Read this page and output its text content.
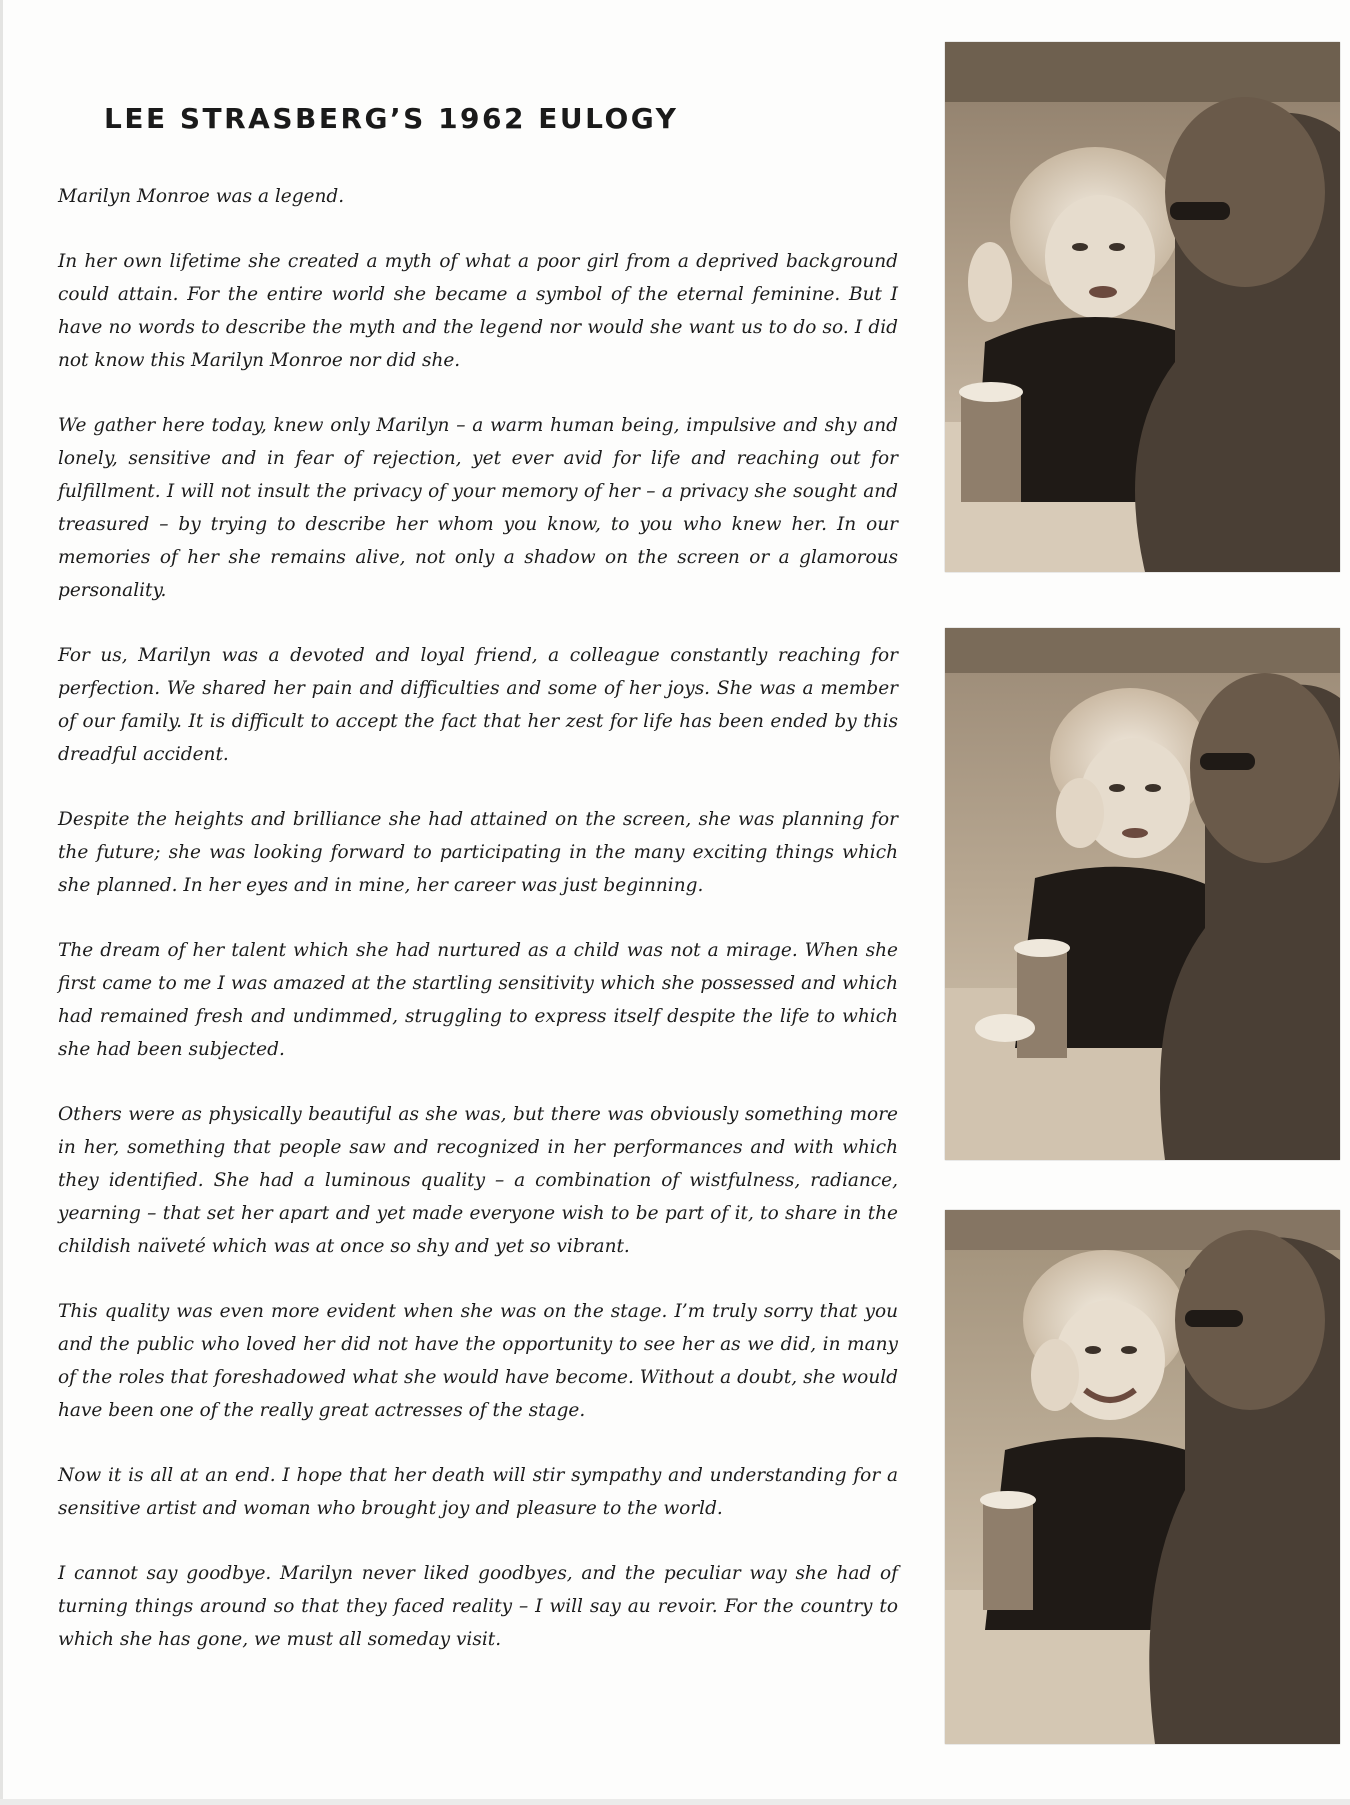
LEE STRASBERG’S 1962 EULOGY

Marilyn Monroe was a legend.

In her own lifetime she created a myth of what a poor girl from a deprived background could attain. For the entire world she became a symbol of the eternal feminine. But I have no words to describe the myth and the legend nor would she want us to do so. I did not know this Marilyn Monroe nor did she.

We gather here today, knew only Marilyn – a warm human being, impulsive and shy and lonely, sensitive and in fear of rejection, yet ever avid for life and reaching out for fulfillment. I will not insult the privacy of your memory of her – a privacy she sought and treasured – by trying to describe her whom you know, to you who knew her. In our memories of her she remains alive, not only a shadow on the screen or a glamorous personality.

For us, Marilyn was a devoted and loyal friend, a colleague constantly reaching for perfection. We shared her pain and difficulties and some of her joys. She was a member of our family. It is difficult to accept the fact that her zest for life has been ended by this dreadful accident.

Despite the heights and brilliance she had attained on the screen, she was planning for the future; she was looking forward to participating in the many exciting things which she planned. In her eyes and in mine, her career was just beginning.

The dream of her talent which she had nurtured as a child was not a mirage. When she first came to me I was amazed at the startling sensitivity which she possessed and which had remained fresh and undimmed, struggling to express itself despite the life to which she had been subjected.

Others were as physically beautiful as she was, but there was obviously something more in her, something that people saw and recognized in her performances and with which they identified. She had a luminous quality – a combination of wistfulness, radiance, yearning – that set her apart and yet made everyone wish to be part of it, to share in the childish naïveté which was at once so shy and yet so vibrant.

This quality was even more evident when she was on the stage. I’m truly sorry that you and the public who loved her did not have the opportunity to see her as we did, in many of the roles that foreshadowed what she would have become. Without a doubt, she would have been one of the really great actresses of the stage.

Now it is all at an end. I hope that her death will stir sympathy and understanding for a sensitive artist and woman who brought joy and pleasure to the world.

I cannot say goodbye. Marilyn never liked goodbyes, and the peculiar way she had of turning things around so that they faced reality – I will say au revoir. For the country to which she has gone, we must all someday visit.
